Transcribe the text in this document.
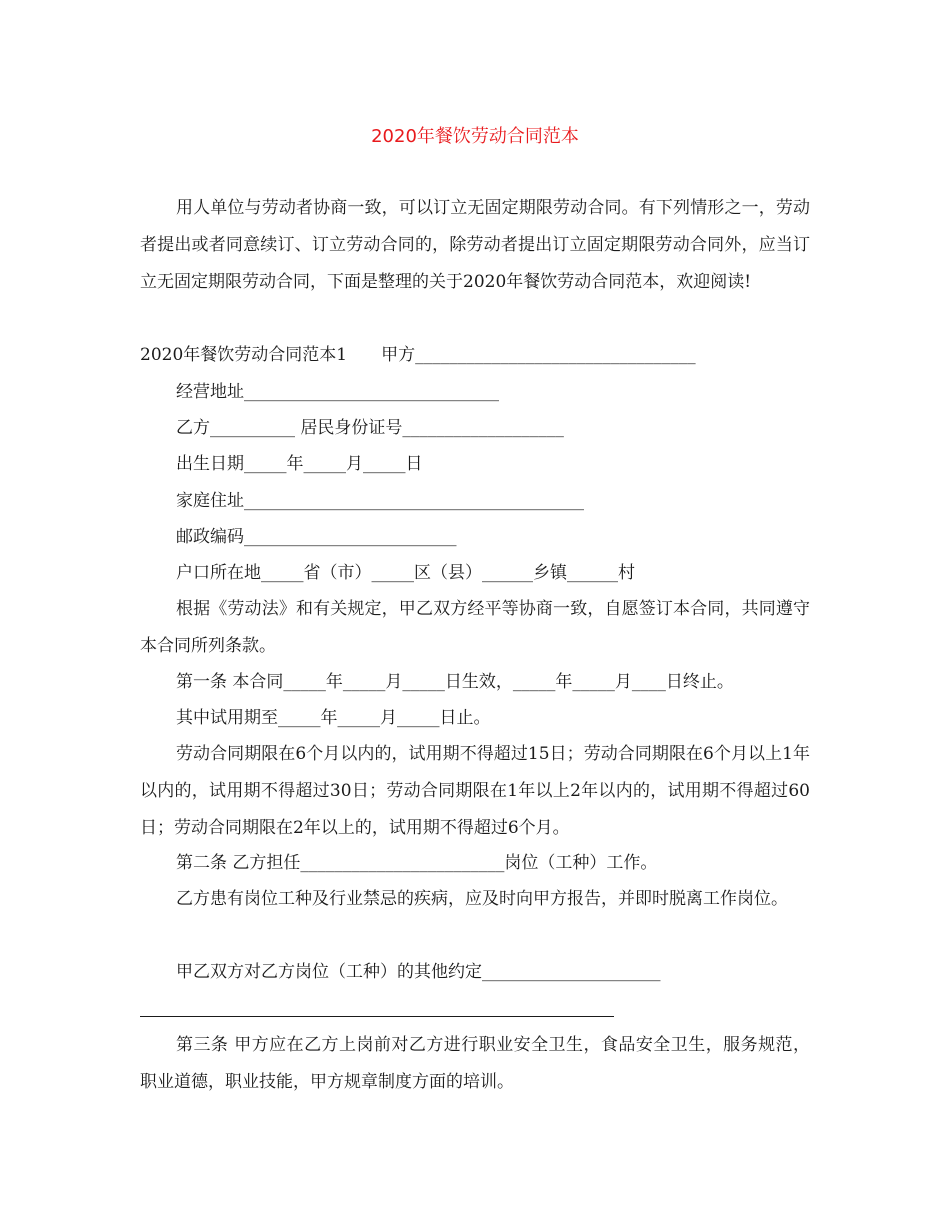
2020年餐饮劳动合同范本
用人单位与劳动者协商一致，可以订立无固定期限劳动合同。有下列情形之一，劳动者提出或者同意续订、订立劳动合同的，除劳动者提出订立固定期限劳动合同外，应当订立无固定期限劳动合同，下面是整理的关于2020年餐饮劳动合同范本，欢迎阅读!
2020年餐饮劳动合同范本1　　甲方_________________________________
经营地址______________________________
乙方__________ 居民身份证号___________________
出生日期_____年_____月_____日
家庭住址________________________________________
邮政编码_________________________
户口所在地_____省（市）_____区（县）______乡镇______村
根据《劳动法》和有关规定，甲乙双方经平等协商一致，自愿签订本合同，共同遵守本合同所列条款。
第一条 本合同_____年_____月_____日生效，_____年_____月____日终止。
其中试用期至_____年_____月_____日止。
劳动合同期限在6个月以内的，试用期不得超过15日；劳动合同期限在6个月以上1年以内的，试用期不得超过30日；劳动合同期限在1年以上2年以内的，试用期不得超过60日；劳动合同期限在2年以上的，试用期不得超过6个月。
第二条 乙方担任________________________岗位（工种）工作。
乙方患有岗位工种及行业禁忌的疾病，应及时向甲方报告，并即时脱离工作岗位。
甲乙双方对乙方岗位（工种）的其他约定_____________________
第三条 甲方应在乙方上岗前对乙方进行职业安全卫生，食品安全卫生，服务规范，职业道德，职业技能，甲方规章制度方面的培训。
